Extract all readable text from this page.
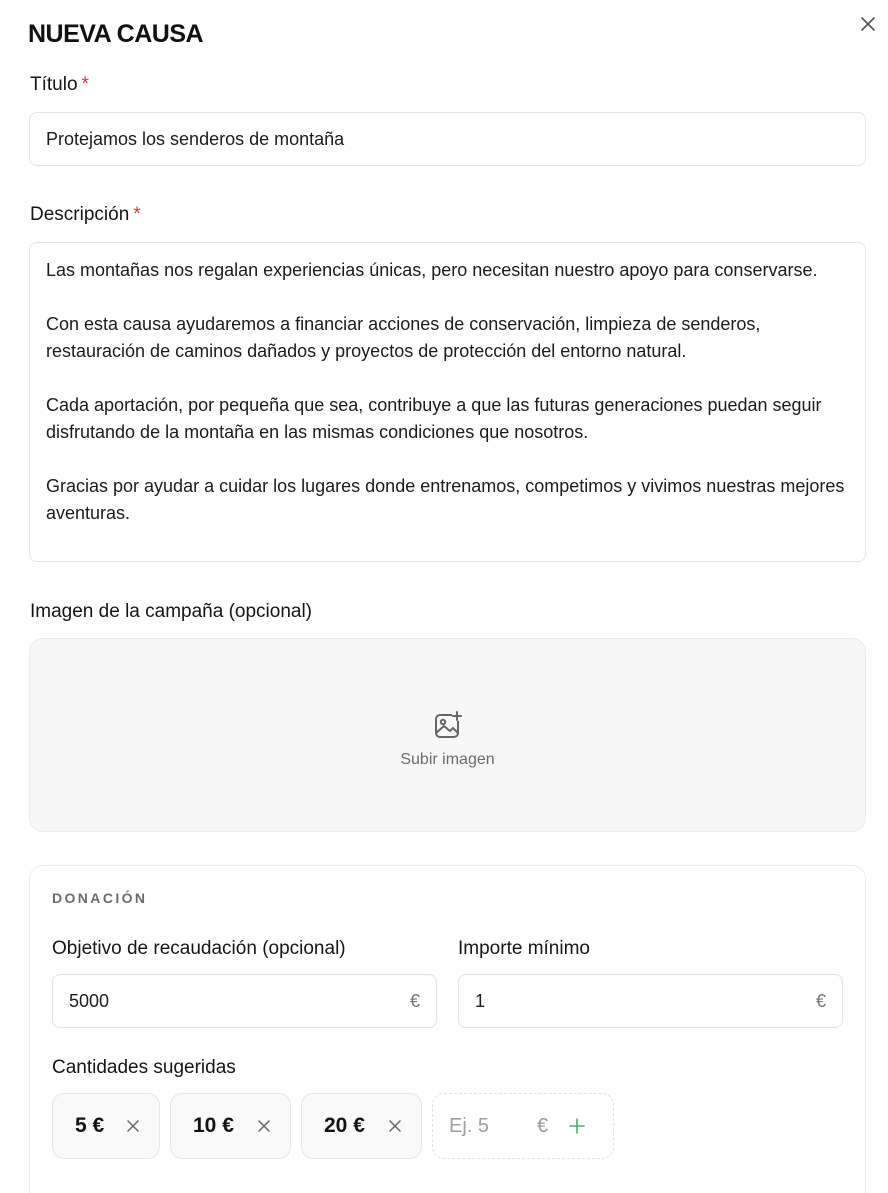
NUEVA CAUSA
Título *
Protejamos los senderos de montaña
Descripción *

Las montañas nos regalan experiencias únicas, pero necesitan nuestro apoyo para conservarse.

Con esta causa ayudaremos a financiar acciones de conservación, limpieza de senderos, restauración de caminos dañados y proyectos de protección del entorno natural.

Cada aportación, por pequeña que sea, contribuye a que las futuras generaciones puedan seguir disfrutando de la montaña en las mismas condiciones que nosotros.

Gracias por ayudar a cuidar los lugares donde entrenamos, competimos y vivimos nuestras mejores aventuras.

Imagen de la campaña (opcional)
Subir imagen
DONACIÓN
Objetivo de recaudación (opcional)
5000	€
Importe mínimo
1	€
Cantidades sugeridas
5 €	10 €	20 €
Ej. 5	€
